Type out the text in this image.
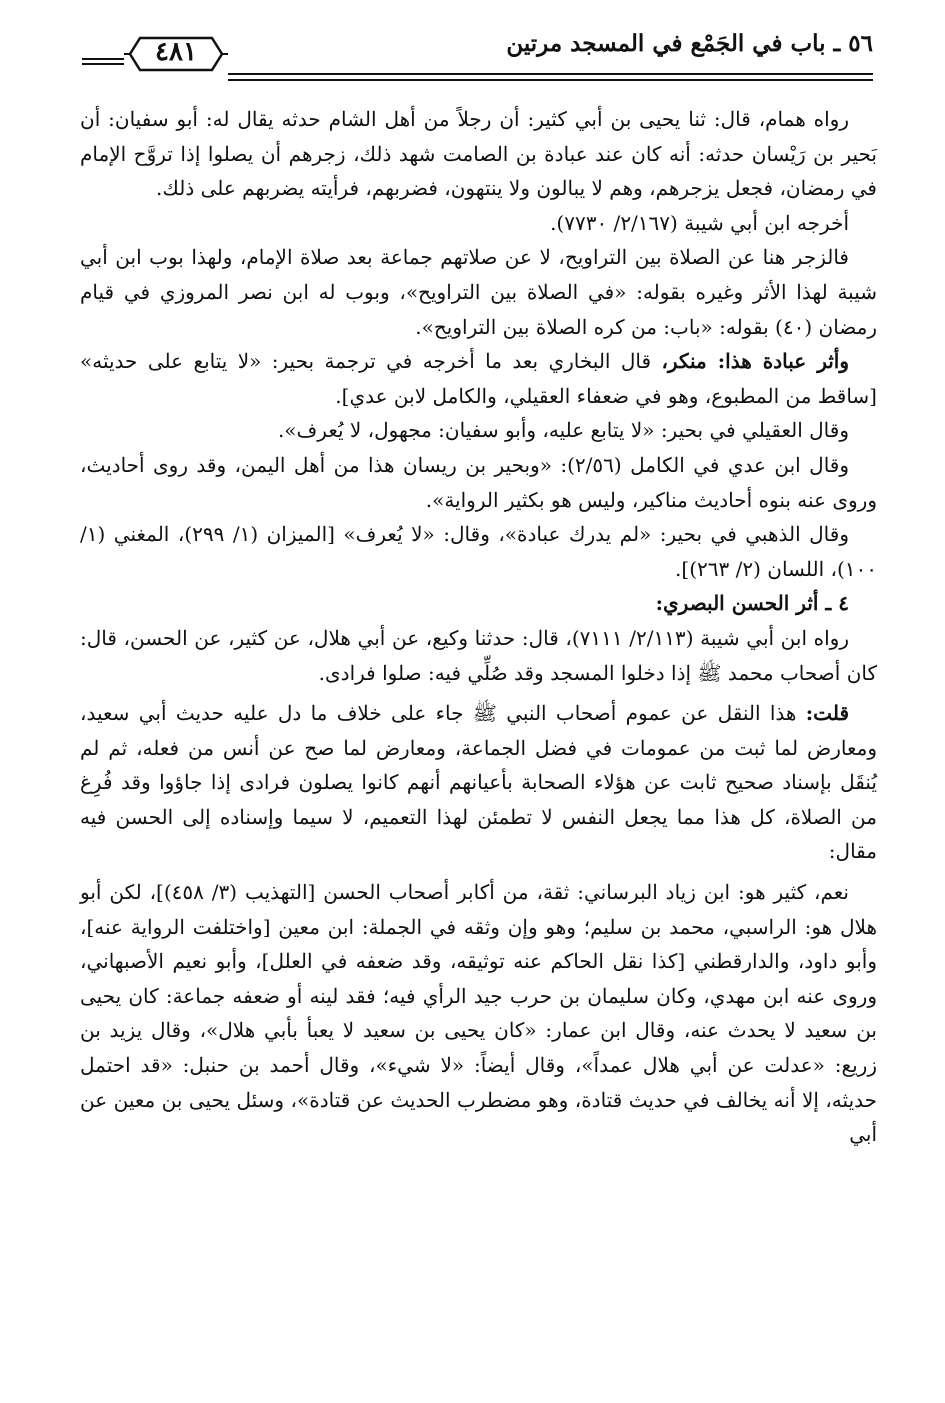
٥٦ ـ باب في الجَمْع في المسجد مرتين
٤٨١

رواه همام، قال: ثنا يحيى بن أبي كثير: أن رجلاً من أهل الشام حدثه يقال له: أبو سفيان: أن بَحير بن رَيْسان حدثه: أنه كان عند عبادة بن الصامت شهد ذلك، زجرهم أن يصلوا إذا تروَّح الإمام في رمضان، فجعل يزجرهم، وهم لا يبالون ولا ينتهون، فضربهم، فرأيته يضربهم على ذلك.

أخرجه ابن أبي شيبة (٢/١٦٧/ ٧٧٣٠).

فالزجر هنا عن الصلاة بين التراويح، لا عن صلاتهم جماعة بعد صلاة الإمام، ولهذا بوب ابن أبي شيبة لهذا الأثر وغيره بقوله: «في الصلاة بين التراويح»، وبوب له ابن نصر المروزي في قيام رمضان (٤٠) بقوله: «باب: من كره الصلاة بين التراويح».

وأثر عبادة هذا: منكر، قال البخاري بعد ما أخرجه في ترجمة بحير: «لا يتابع على حديثه» [ساقط من المطبوع، وهو في ضعفاء العقيلي، والكامل لابن عدي].

وقال العقيلي في بحير: «لا يتابع عليه، وأبو سفيان: مجهول، لا يُعرف».

وقال ابن عدي في الكامل (٢/٥٦): «وبحير بن ريسان هذا من أهل اليمن، وقد روى أحاديث، وروى عنه بنوه أحاديث مناكير، وليس هو بكثير الرواية».

وقال الذهبي في بحير: «لم يدرك عبادة»، وقال: «لا يُعرف» [الميزان (١/ ٢٩٩)، المغني (١/ ١٠٠)، اللسان (٢/ ٢٦٣)].

٤ ـ أثر الحسن البصري:

رواه ابن أبي شيبة (٢/١١٣/ ٧١١١)، قال: حدثنا وكيع، عن أبي هلال، عن كثير، عن الحسن، قال: كان أصحاب محمد ﷺ إذا دخلوا المسجد وقد صُلِّي فيه: صلوا فرادى.

قلت: هذا النقل عن عموم أصحاب النبي ﷺ جاء على خلاف ما دل عليه حديث أبي سعيد، ومعارض لما ثبت من عمومات في فضل الجماعة، ومعارض لما صح عن أنس من فعله، ثم لم يُنقَل بإسناد صحيح ثابت عن هؤلاء الصحابة بأعيانهم أنهم كانوا يصلون فرادى إذا جاؤوا وقد فُرِغ من الصلاة، كل هذا مما يجعل النفس لا تطمئن لهذا التعميم، لا سيما وإسناده إلى الحسن فيه مقال:

نعم، كثير هو: ابن زياد البرساني: ثقة، من أكابر أصحاب الحسن [التهذيب (٣/ ٤٥٨)]، لكن أبو هلال هو: الراسبي، محمد بن سليم؛ وهو وإن وثقه في الجملة: ابن معين [واختلفت الرواية عنه]، وأبو داود، والدارقطني [كذا نقل الحاكم عنه توثيقه، وقد ضعفه في العلل]، وأبو نعيم الأصبهاني، وروى عنه ابن مهدي، وكان سليمان بن حرب جيد الرأي فيه؛ فقد لينه أو ضعفه جماعة: كان يحيى بن سعيد لا يحدث عنه، وقال ابن عمار: «كان يحيى بن سعيد لا يعبأ بأبي هلال»، وقال يزيد بن زريع: «عدلت عن أبي هلال عمداً»، وقال أيضاً: «لا شيء»، وقال أحمد بن حنبل: «قد احتمل حديثه، إلا أنه يخالف في حديث قتادة، وهو مضطرب الحديث عن قتادة»، وسئل يحيى بن معين عن أبي
